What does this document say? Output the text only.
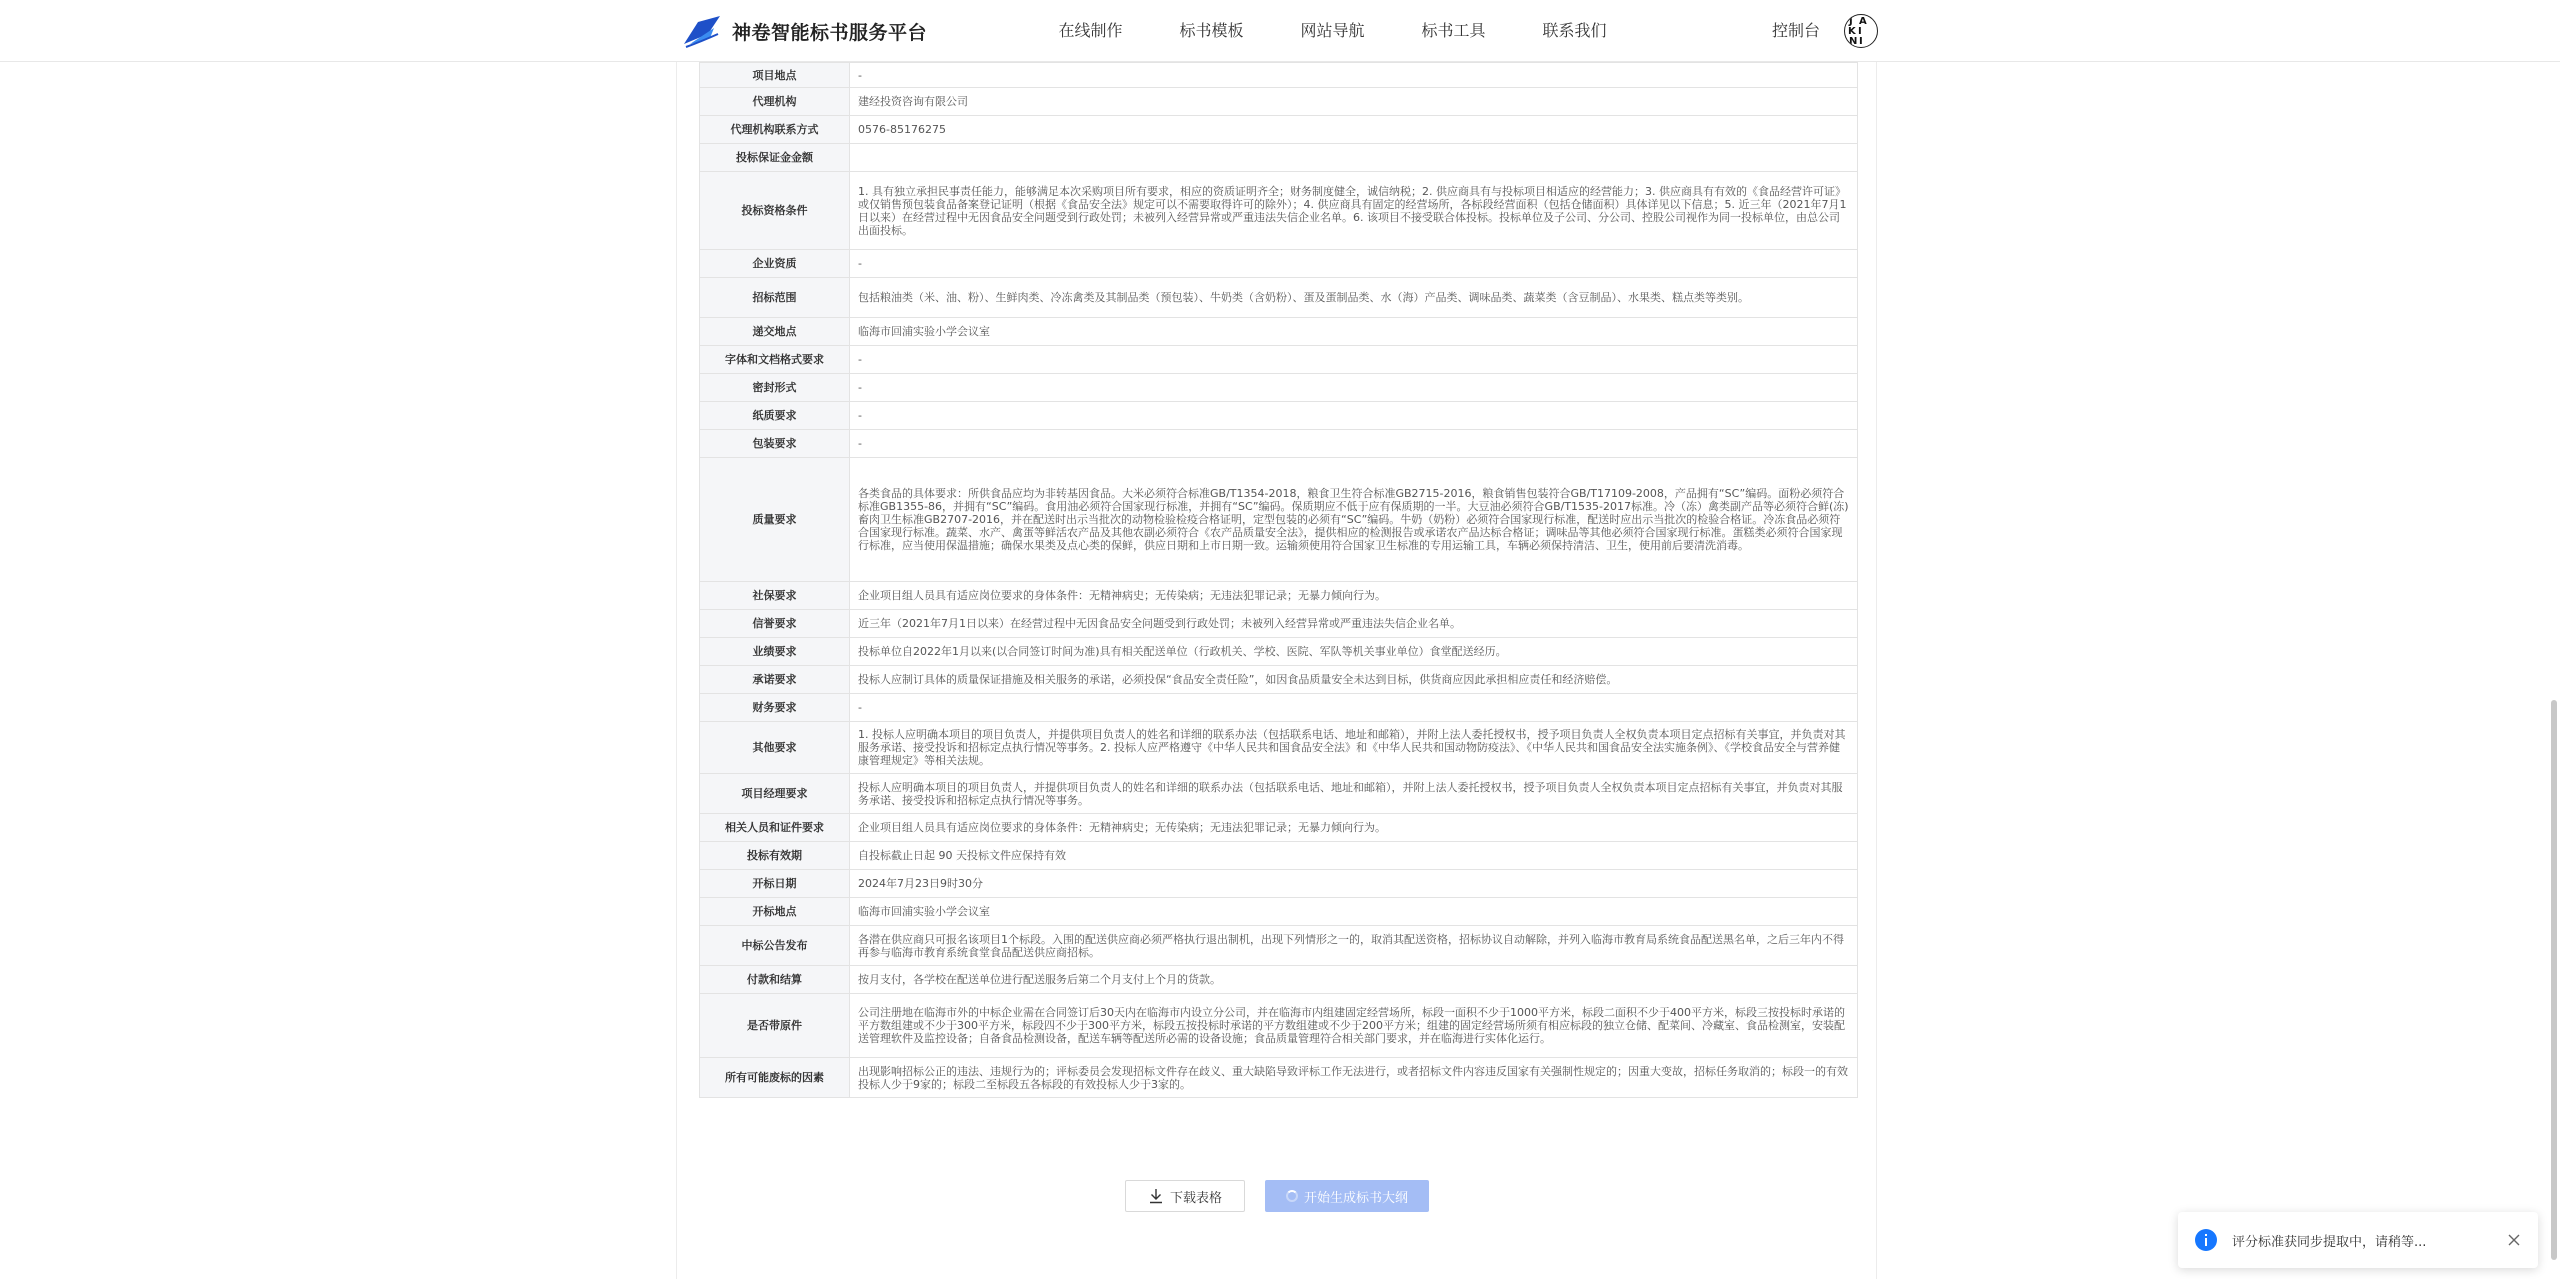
神卷智能标书服务平台	在线制作	标书模板	网站导航	标书工具	联系我们	控制台	J A
K I
N I
项目地点	-
代理机构	建经投资咨询有限公司
代理机构联系方式	0576-85176275
投标保证金金额	
投标资格条件	1. 具有独立承担民事责任能力，能够满足本次采购项目所有要求，相应的资质证明齐全；财务制度健全，诚信纳税；2. 供应商具有与投标项目相适应的经营能力；3. 供应商具有有效的《食品经营许可证》或仅销售预包装食品备案登记证明（根据《食品安全法》规定可以不需要取得许可的除外）；4. 供应商具有固定的经营场所，各标段经营面积（包括仓储面积）具体详见以下信息；5. 近三年（2021年7月1日以来）在经营过程中无因食品安全问题受到行政处罚；未被列入经营异常或严重违法失信企业名单。6. 该项目不接受联合体投标。投标单位及子公司、分公司、控股公司视作为同一投标单位，由总公司出面投标。
企业资质	-
招标范围	包括粮油类（米、油、粉）、生鲜肉类、冷冻禽类及其制品类（预包装）、牛奶类（含奶粉）、蛋及蛋制品类、水（海）产品类、调味品类、蔬菜类（含豆制品）、水果类、糕点类等类别。
递交地点	临海市回浦实验小学会议室
字体和文档格式要求	-
密封形式	-
纸质要求	-
包装要求	-
质量要求	各类食品的具体要求：所供食品应均为非转基因食品。大米必须符合标准GB/T1354-2018，粮食卫生符合标准GB2715-2016，粮食销售包装符合GB/T17109-2008，产品拥有“SC”编码。面粉必须符合标准GB1355-86，并拥有“SC”编码。食用油必须符合国家现行标准，并拥有“SC”编码。保质期应不低于应有保质期的一半。大豆油必须符合GB/T1535-2017标准。冷（冻）禽类副产品等必须符合鲜(冻)畜肉卫生标准GB2707-2016，并在配送时出示当批次的动物检验检疫合格证明，定型包装的必须有“SC”编码。牛奶（奶粉）必须符合国家现行标准，配送时应出示当批次的检验合格证。冷冻食品必须符合国家现行标准。蔬菜、水产、禽蛋等鲜活农产品及其他农副必须符合《农产品质量安全法》，提供相应的检测报告或承诺农产品达标合格证；调味品等其他必须符合国家现行标准。蛋糕类必须符合国家现行标准，应当使用保温措施；确保水果类及点心类的保鲜，供应日期和上市日期一致。运输须使用符合国家卫生标准的专用运输工具，车辆必须保持清洁、卫生，使用前后要清洗消毒。
社保要求	企业项目组人员具有适应岗位要求的身体条件：无精神病史；无传染病；无违法犯罪记录；无暴力倾向行为。
信誉要求	近三年（2021年7月1日以来）在经营过程中无因食品安全问题受到行政处罚；未被列入经营异常或严重违法失信企业名单。
业绩要求	投标单位自2022年1月以来(以合同签订时间为准)具有相关配送单位（行政机关、学校、医院、军队等机关事业单位）食堂配送经历。
承诺要求	投标人应制订具体的质量保证措施及相关服务的承诺，必须投保“食品安全责任险”，如因食品质量安全未达到目标，供货商应因此承担相应责任和经济赔偿。
财务要求	-
其他要求	1. 投标人应明确本项目的项目负责人，并提供项目负责人的姓名和详细的联系办法（包括联系电话、地址和邮箱），并附上法人委托授权书，授予项目负责人全权负责本项目定点招标有关事宜，并负责对其服务承诺、接受投诉和招标定点执行情况等事务。2. 投标人应严格遵守《中华人民共和国食品安全法》和《中华人民共和国动物防疫法》、《中华人民共和国食品安全法实施条例》、《学校食品安全与营养健康管理规定》等相关法规。
项目经理要求	投标人应明确本项目的项目负责人，并提供项目负责人的姓名和详细的联系办法（包括联系电话、地址和邮箱），并附上法人委托授权书，授予项目负责人全权负责本项目定点招标有关事宜，并负责对其服务承诺、接受投诉和招标定点执行情况等事务。
相关人员和证件要求	企业项目组人员具有适应岗位要求的身体条件：无精神病史；无传染病；无违法犯罪记录；无暴力倾向行为。
投标有效期	自投标截止日起 90 天投标文件应保持有效
开标日期	2024年7月23日9时30分
开标地点	临海市回浦实验小学会议室
中标公告发布	各潜在供应商只可报名该项目1个标段。入围的配送供应商必须严格执行退出制机，出现下列情形之一的，取消其配送资格，招标协议自动解除，并列入临海市教育局系统食品配送黑名单，之后三年内不得再参与临海市教育系统食堂食品配送供应商招标。
付款和结算	按月支付，各学校在配送单位进行配送服务后第二个月支付上个月的货款。
是否带原件	公司注册地在临海市外的中标企业需在合同签订后30天内在临海市内设立分公司，并在临海市内组建固定经营场所，标段一面积不少于1000平方米，标段二面积不少于400平方米，标段三按投标时承诺的平方数组建或不少于300平方米，标段四不少于300平方米，标段五按投标时承诺的平方数组建或不少于200平方米；组建的固定经营场所须有相应标段的独立仓储、配菜间、冷藏室、食品检测室，安装配送管理软件及监控设备；自备食品检测设备，配送车辆等配送所必需的设备设施；食品质量管理符合相关部门要求，并在临海进行实体化运行。
所有可能废标的因素	出现影响招标公正的违法、违规行为的；评标委员会发现招标文件存在歧义、重大缺陷导致评标工作无法进行，或者招标文件内容违反国家有关强制性规定的；因重大变故，招标任务取消的；标段一的有效投标人少于9家的；标段二至标段五各标段的有效投标人少于3家的。
下载表格	开始生成标书大纲
评分标准获同步提取中，请稍等...
